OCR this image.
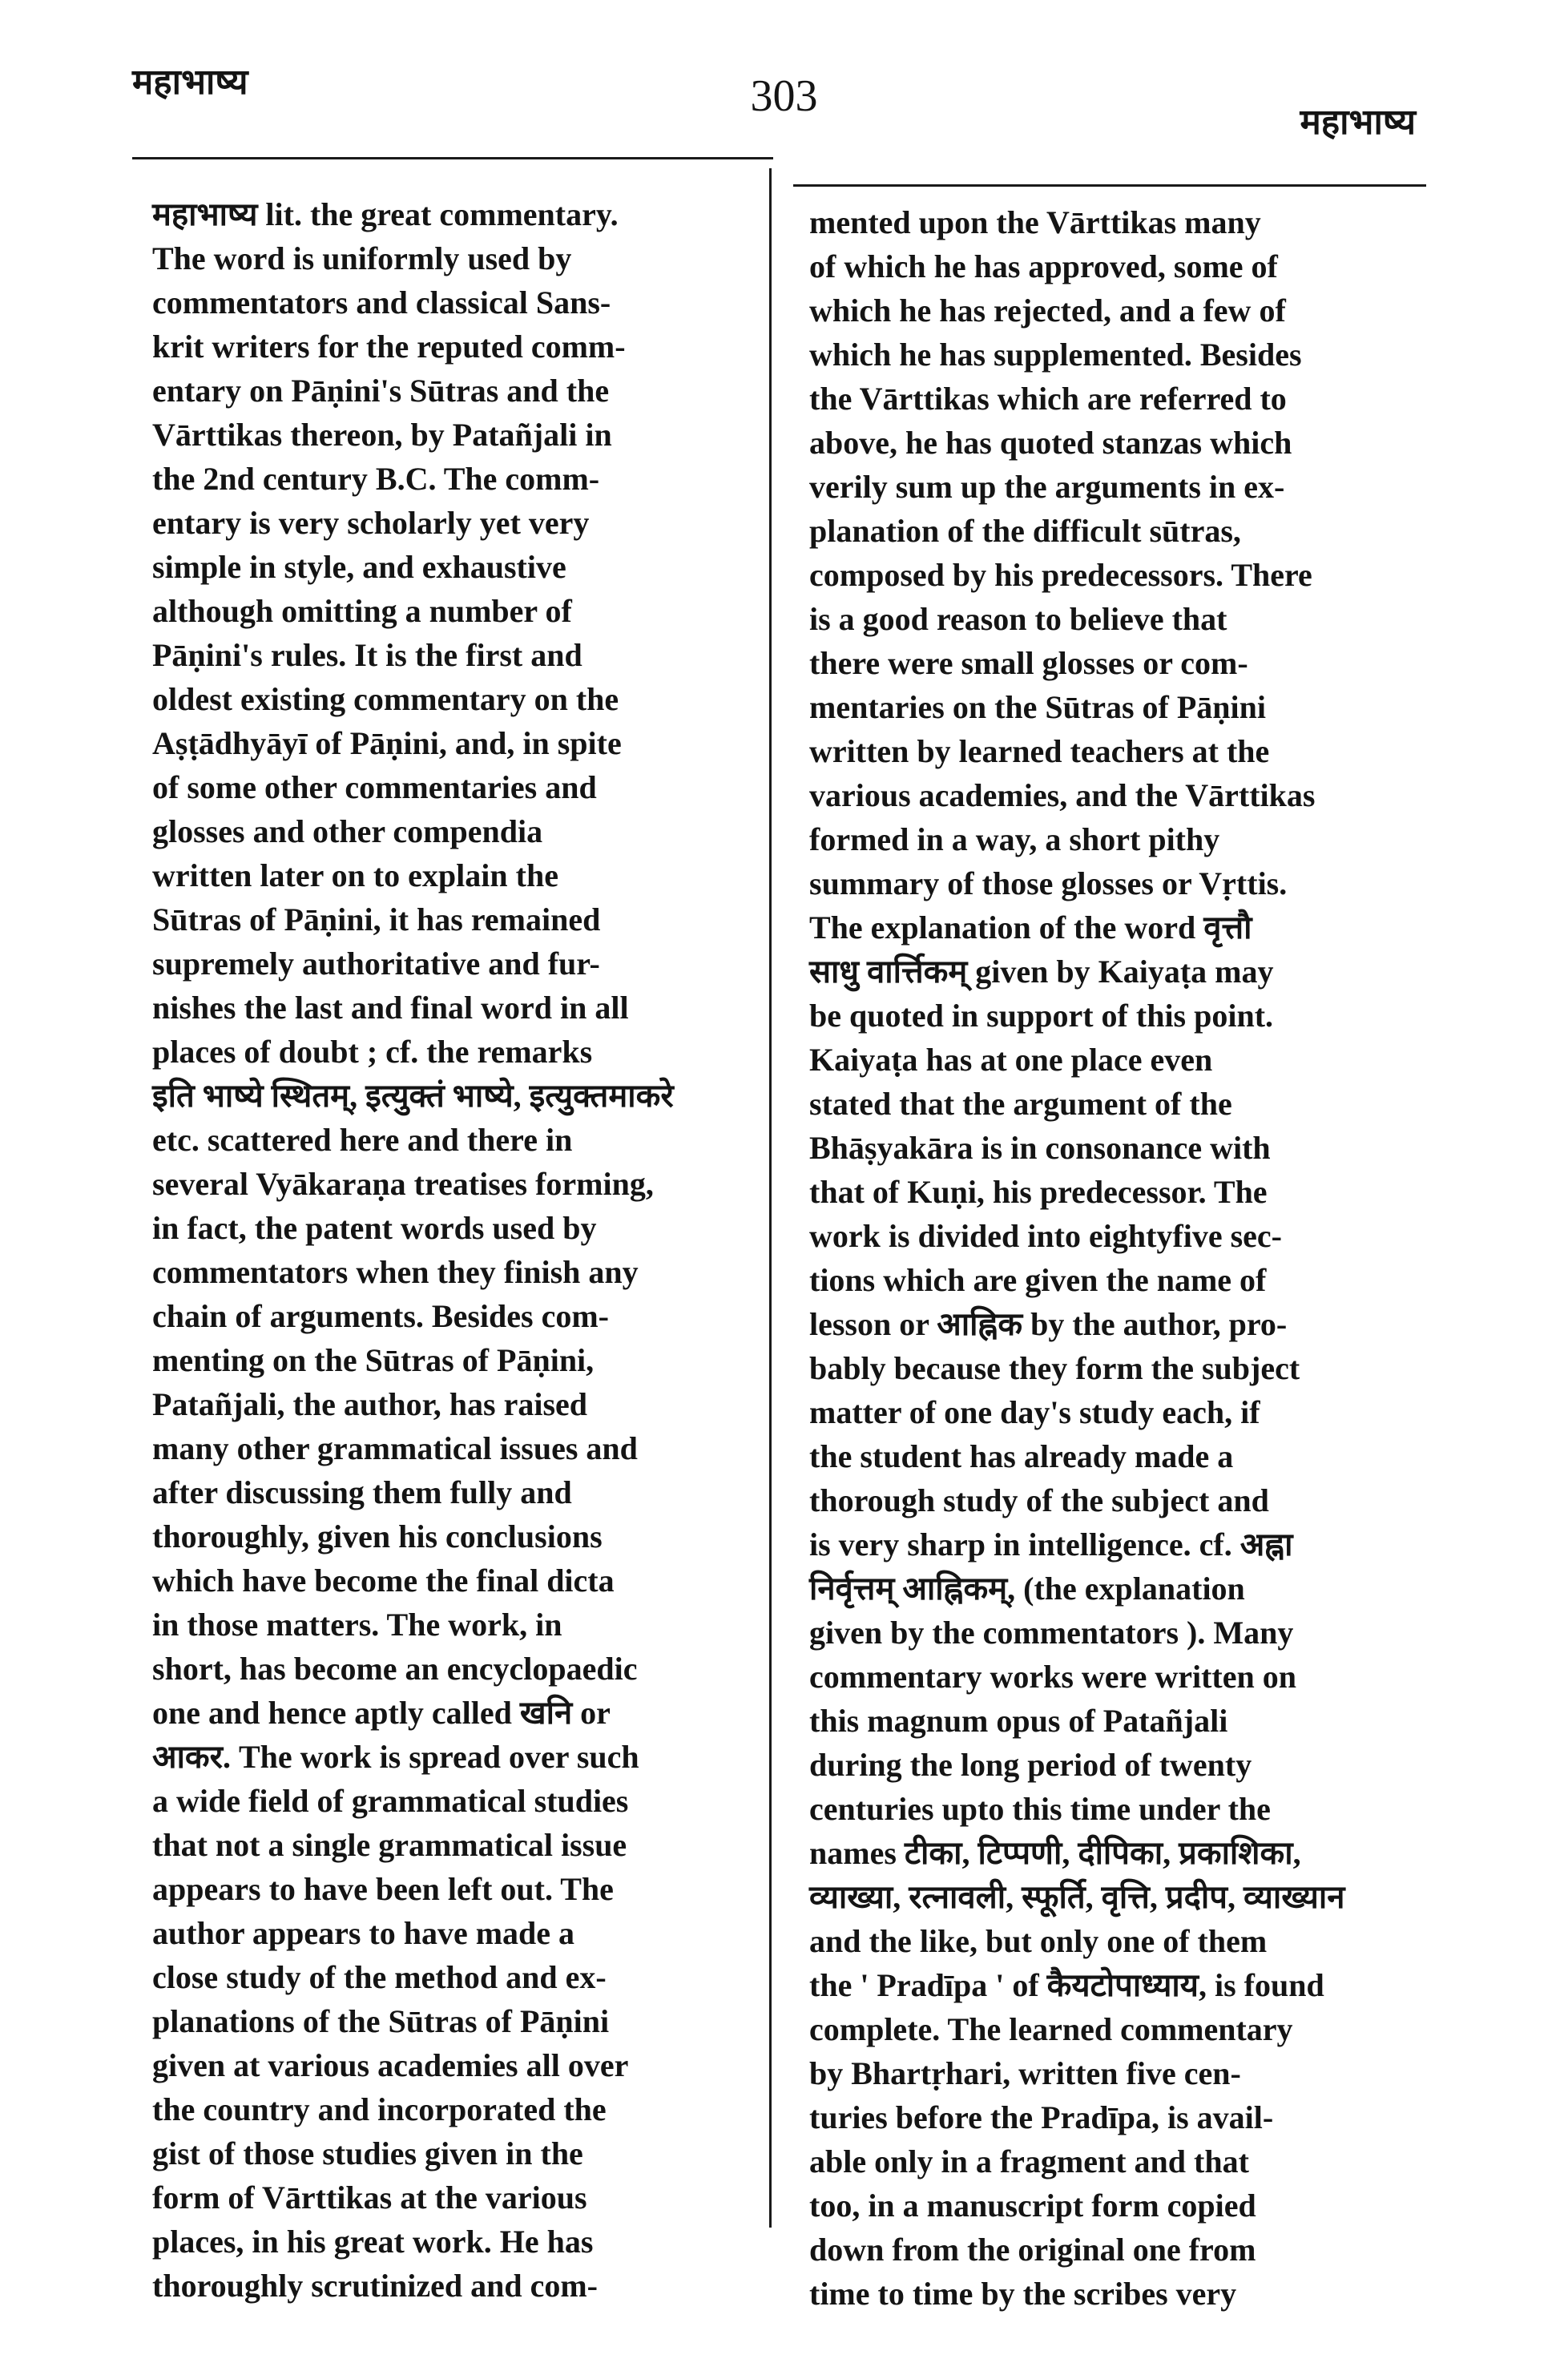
महाभाष्य	303
महाभाष्य
महाभाष्य lit. the great commentary.
The word is uniformly used by
commentators and classical Sans-
krit writers for the reputed comm-
entary on Pāṇini's Sūtras and the
Vārttikas thereon, by Patañjali in
the 2nd century B.C. The comm-
entary is very scholarly yet very
simple in style, and exhaustive
although omitting a number of
Pāṇini's rules. It is the first and
oldest existing commentary on the
Aṣṭādhyāyī of Pāṇini, and, in spite
of some other commentaries and
glosses and other compendia
written later on to explain the
Sūtras of Pāṇini, it has remained
supremely authoritative and fur-
nishes the last and final word in all
places of doubt ; cf. the remarks
इति भाष्ये स्थितम्, इत्युक्तं भाष्ये, इत्युक्तमाकरे
etc. scattered here and there in
several Vyākaraṇa treatises forming,
in fact, the patent words used by
commentators when they finish any
chain of arguments. Besides com-
menting on the Sūtras of Pāṇini,
Patañjali, the author, has raised
many other grammatical issues and
after discussing them fully and
thoroughly, given his conclusions
which have become the final dicta
in those matters. The work, in
short, has become an encyclopaedic
one and hence aptly called खनि or
आकर. The work is spread over such
a wide field of grammatical studies
that not a single grammatical issue
appears to have been left out. The
author appears to have made a
close study of the method and ex-
planations of the Sūtras of Pāṇini
given at various academies all over
the country and incorporated the
gist of those studies given in the
form of Vārttikas at the various
places, in his great work. He has
thoroughly scrutinized and com-
mented upon the Vārttikas many
of which he has approved, some of
which he has rejected, and a few of
which he has supplemented. Besides
the Vārttikas which are referred to
above, he has quoted stanzas which
verily sum up the arguments in ex-
planation of the difficult sūtras,
composed by his predecessors. There
is a good reason to believe that
there were small glosses or com-
mentaries on the Sūtras of Pāṇini
written by learned teachers at the
various academies, and the Vārttikas
formed in a way, a short pithy
summary of those glosses or Vṛttis.
The explanation of the word वृत्तौ
साधु वार्त्तिकम् given by Kaiyaṭa may
be quoted in support of this point.
Kaiyaṭa has at one place even
stated that the argument of the
Bhāṣyakāra is in consonance with
that of Kuṇi, his predecessor. The
work is divided into eightyfive sec-
tions which are given the name of
lesson or आह्निक by the author, pro-
bably because they form the subject
matter of one day's study each, if
the student has already made a
thorough study of the subject and
is very sharp in intelligence. cf. अह्ना
निर्वृत्तम् आह्निकम्, (the explanation
given by the commentators ). Many
commentary works were written on
this magnum opus of Patañjali
during the long period of twenty
centuries upto this time under the
names टीका, टिप्पणी, दीपिका, प्रकाशिका,
व्याख्या, रत्नावली, स्फूर्ति, वृत्ति, प्रदीप, व्याख्यान
and the like, but only one of them
the ' Pradīpa ' of कैयटोपाध्याय, is found
complete. The learned commentary
by Bhartṛhari, written five cen-
turies before the Pradīpa, is avail-
able only in a fragment and that
too, in a manuscript form copied
down from the original one from
time to time by the scribes very
